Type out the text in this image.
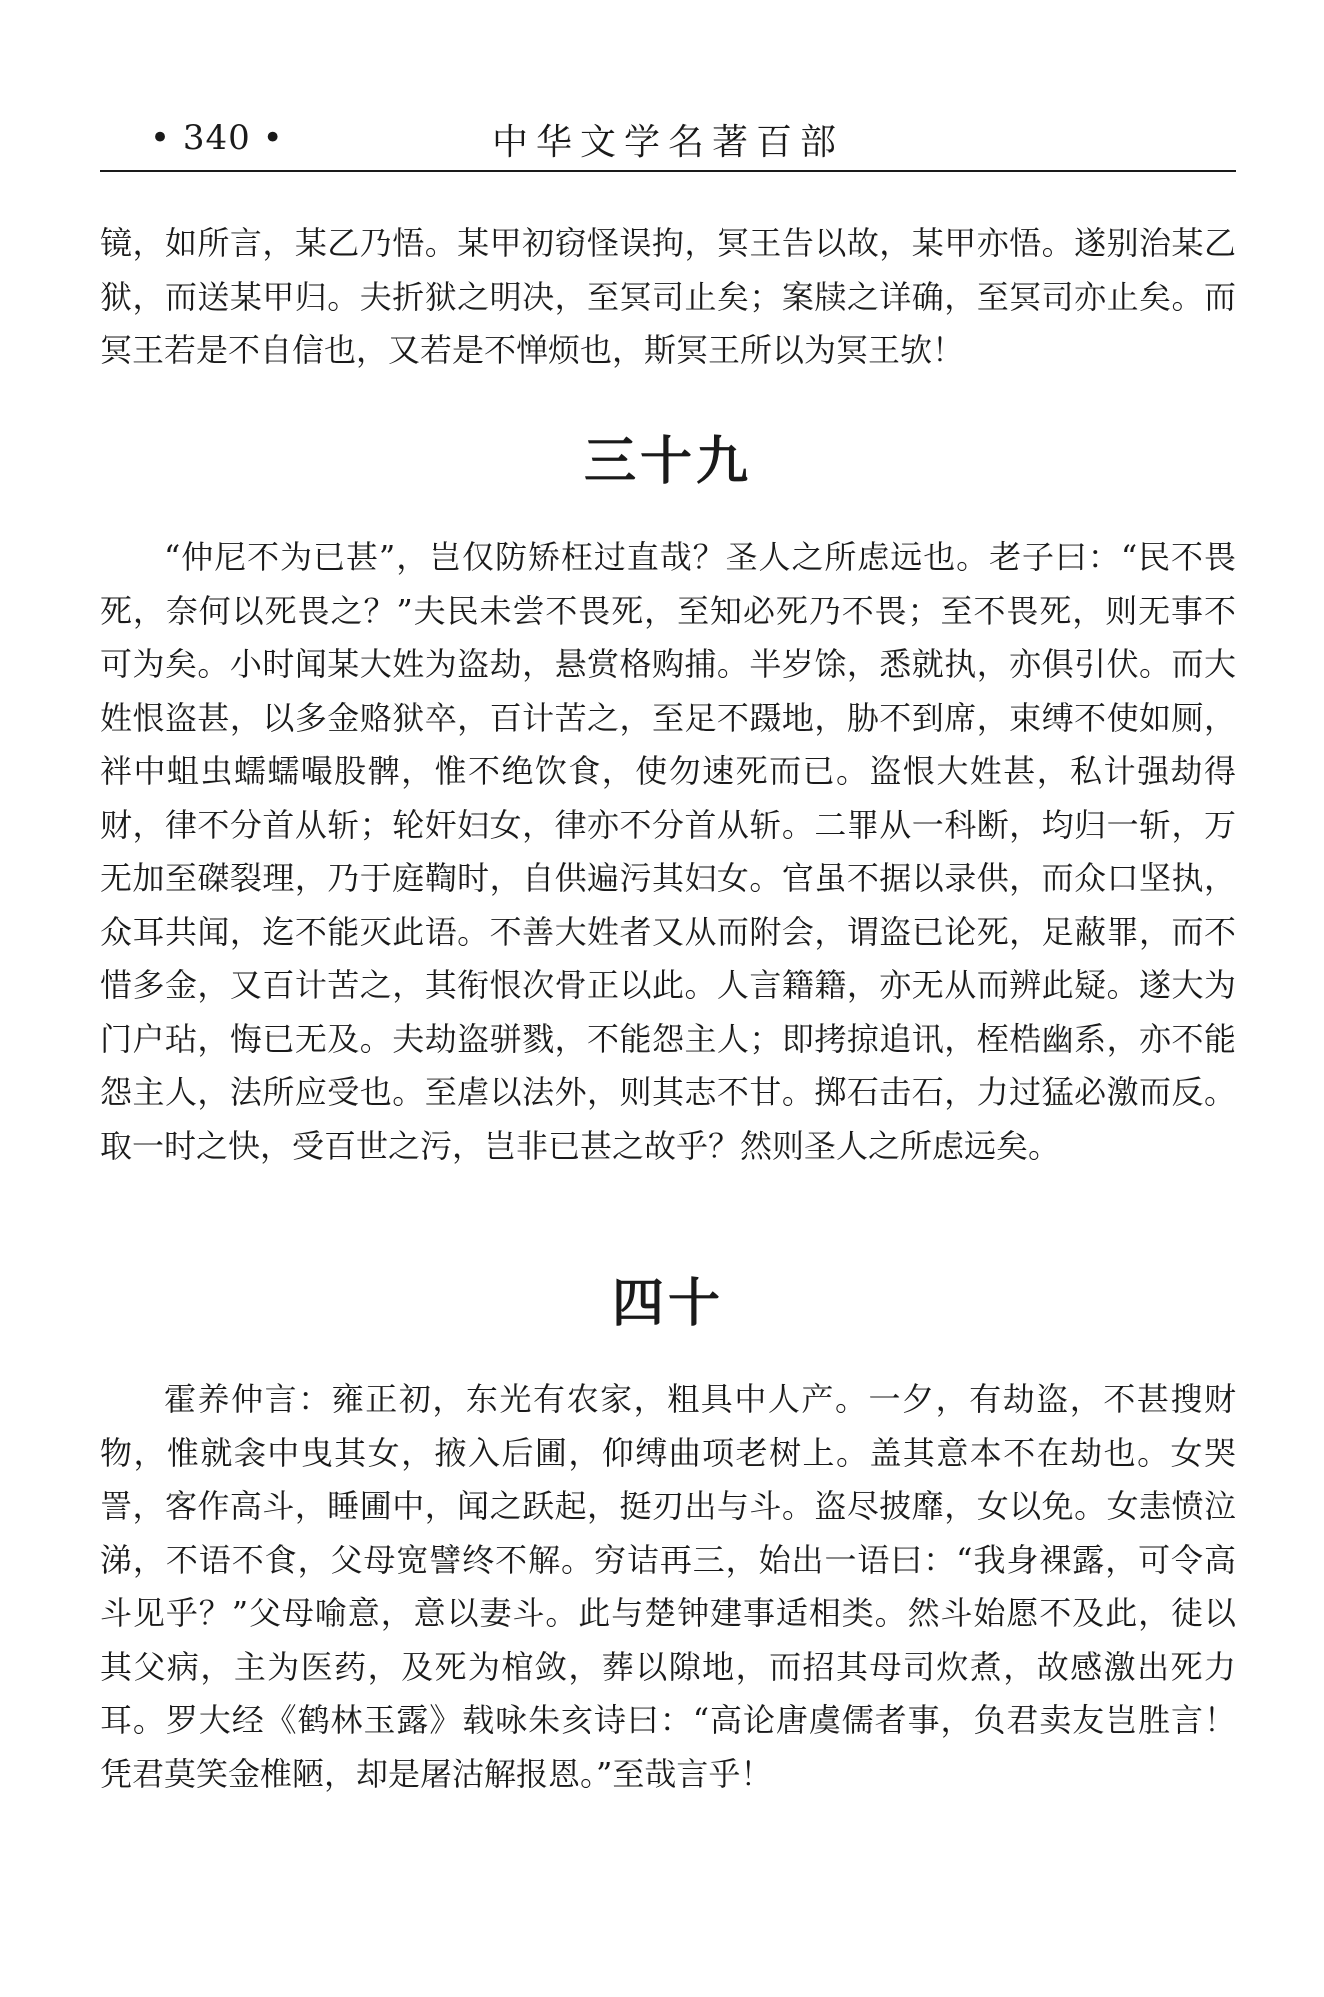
• 340 •	中华文学名著百部

镜，如所言，某乙乃悟。某甲初窃怪误拘，冥王告以故，某甲亦悟。遂别治某乙狱，而送某甲归。夫折狱之明决，至冥司止矣；案牍之详确，至冥司亦止矣。而冥王若是不自信也，又若是不惮烦也，斯冥王所以为冥王欤！

三十九

“仲尼不为已甚”，岂仅防矫枉过直哉？圣人之所虑远也。老子曰：“民不畏死，奈何以死畏之？”夫民未尝不畏死，至知必死乃不畏；至不畏死，则无事不可为矣。小时闻某大姓为盗劫，悬赏格购捕。半岁馀，悉就执，亦俱引伏。而大姓恨盗甚，以多金赂狱卒，百计苦之，至足不蹑地，胁不到席，束缚不使如厕，袢中蛆虫蠕蠕嘬股髀，惟不绝饮食，使勿速死而已。盗恨大姓甚，私计强劫得财，律不分首从斩；轮奸妇女，律亦不分首从斩。二罪从一科断，均归一斩，万无加至磔裂理，乃于庭鞫时，自供遍污其妇女。官虽不据以录供，而众口坚执，众耳共闻，迄不能灭此语。不善大姓者又从而附会，谓盗已论死，足蔽罪，而不惜多金，又百计苦之，其衔恨次骨正以此。人言籍籍，亦无从而辨此疑。遂大为门户玷，悔已无及。夫劫盗骈戮，不能怨主人；即拷掠追讯，桎梏幽系，亦不能怨主人，法所应受也。至虐以法外，则其志不甘。掷石击石，力过猛必激而反。取一时之快，受百世之污，岂非已甚之故乎？然则圣人之所虑远矣。

四十

霍养仲言：雍正初，东光有农家，粗具中人产。一夕，有劫盗，不甚搜财物，惟就衾中曳其女，掖入后圃，仰缚曲项老树上。盖其意本不在劫也。女哭詈，客作高斗，睡圃中，闻之跃起，挺刃出与斗。盗尽披靡，女以免。女恚愤泣涕，不语不食，父母宽譬终不解。穷诘再三，始出一语曰：“我身裸露，可令高斗见乎？”父母喻意，意以妻斗。此与楚钟建事适相类。然斗始愿不及此，徒以其父病，主为医药，及死为棺敛，葬以隙地，而招其母司炊煮，故感激出死力耳。罗大经《鹤林玉露》载咏朱亥诗曰：“高论唐虞儒者事，负君卖友岂胜言！凭君莫笑金椎陋，却是屠沽解报恩。”至哉言乎！
